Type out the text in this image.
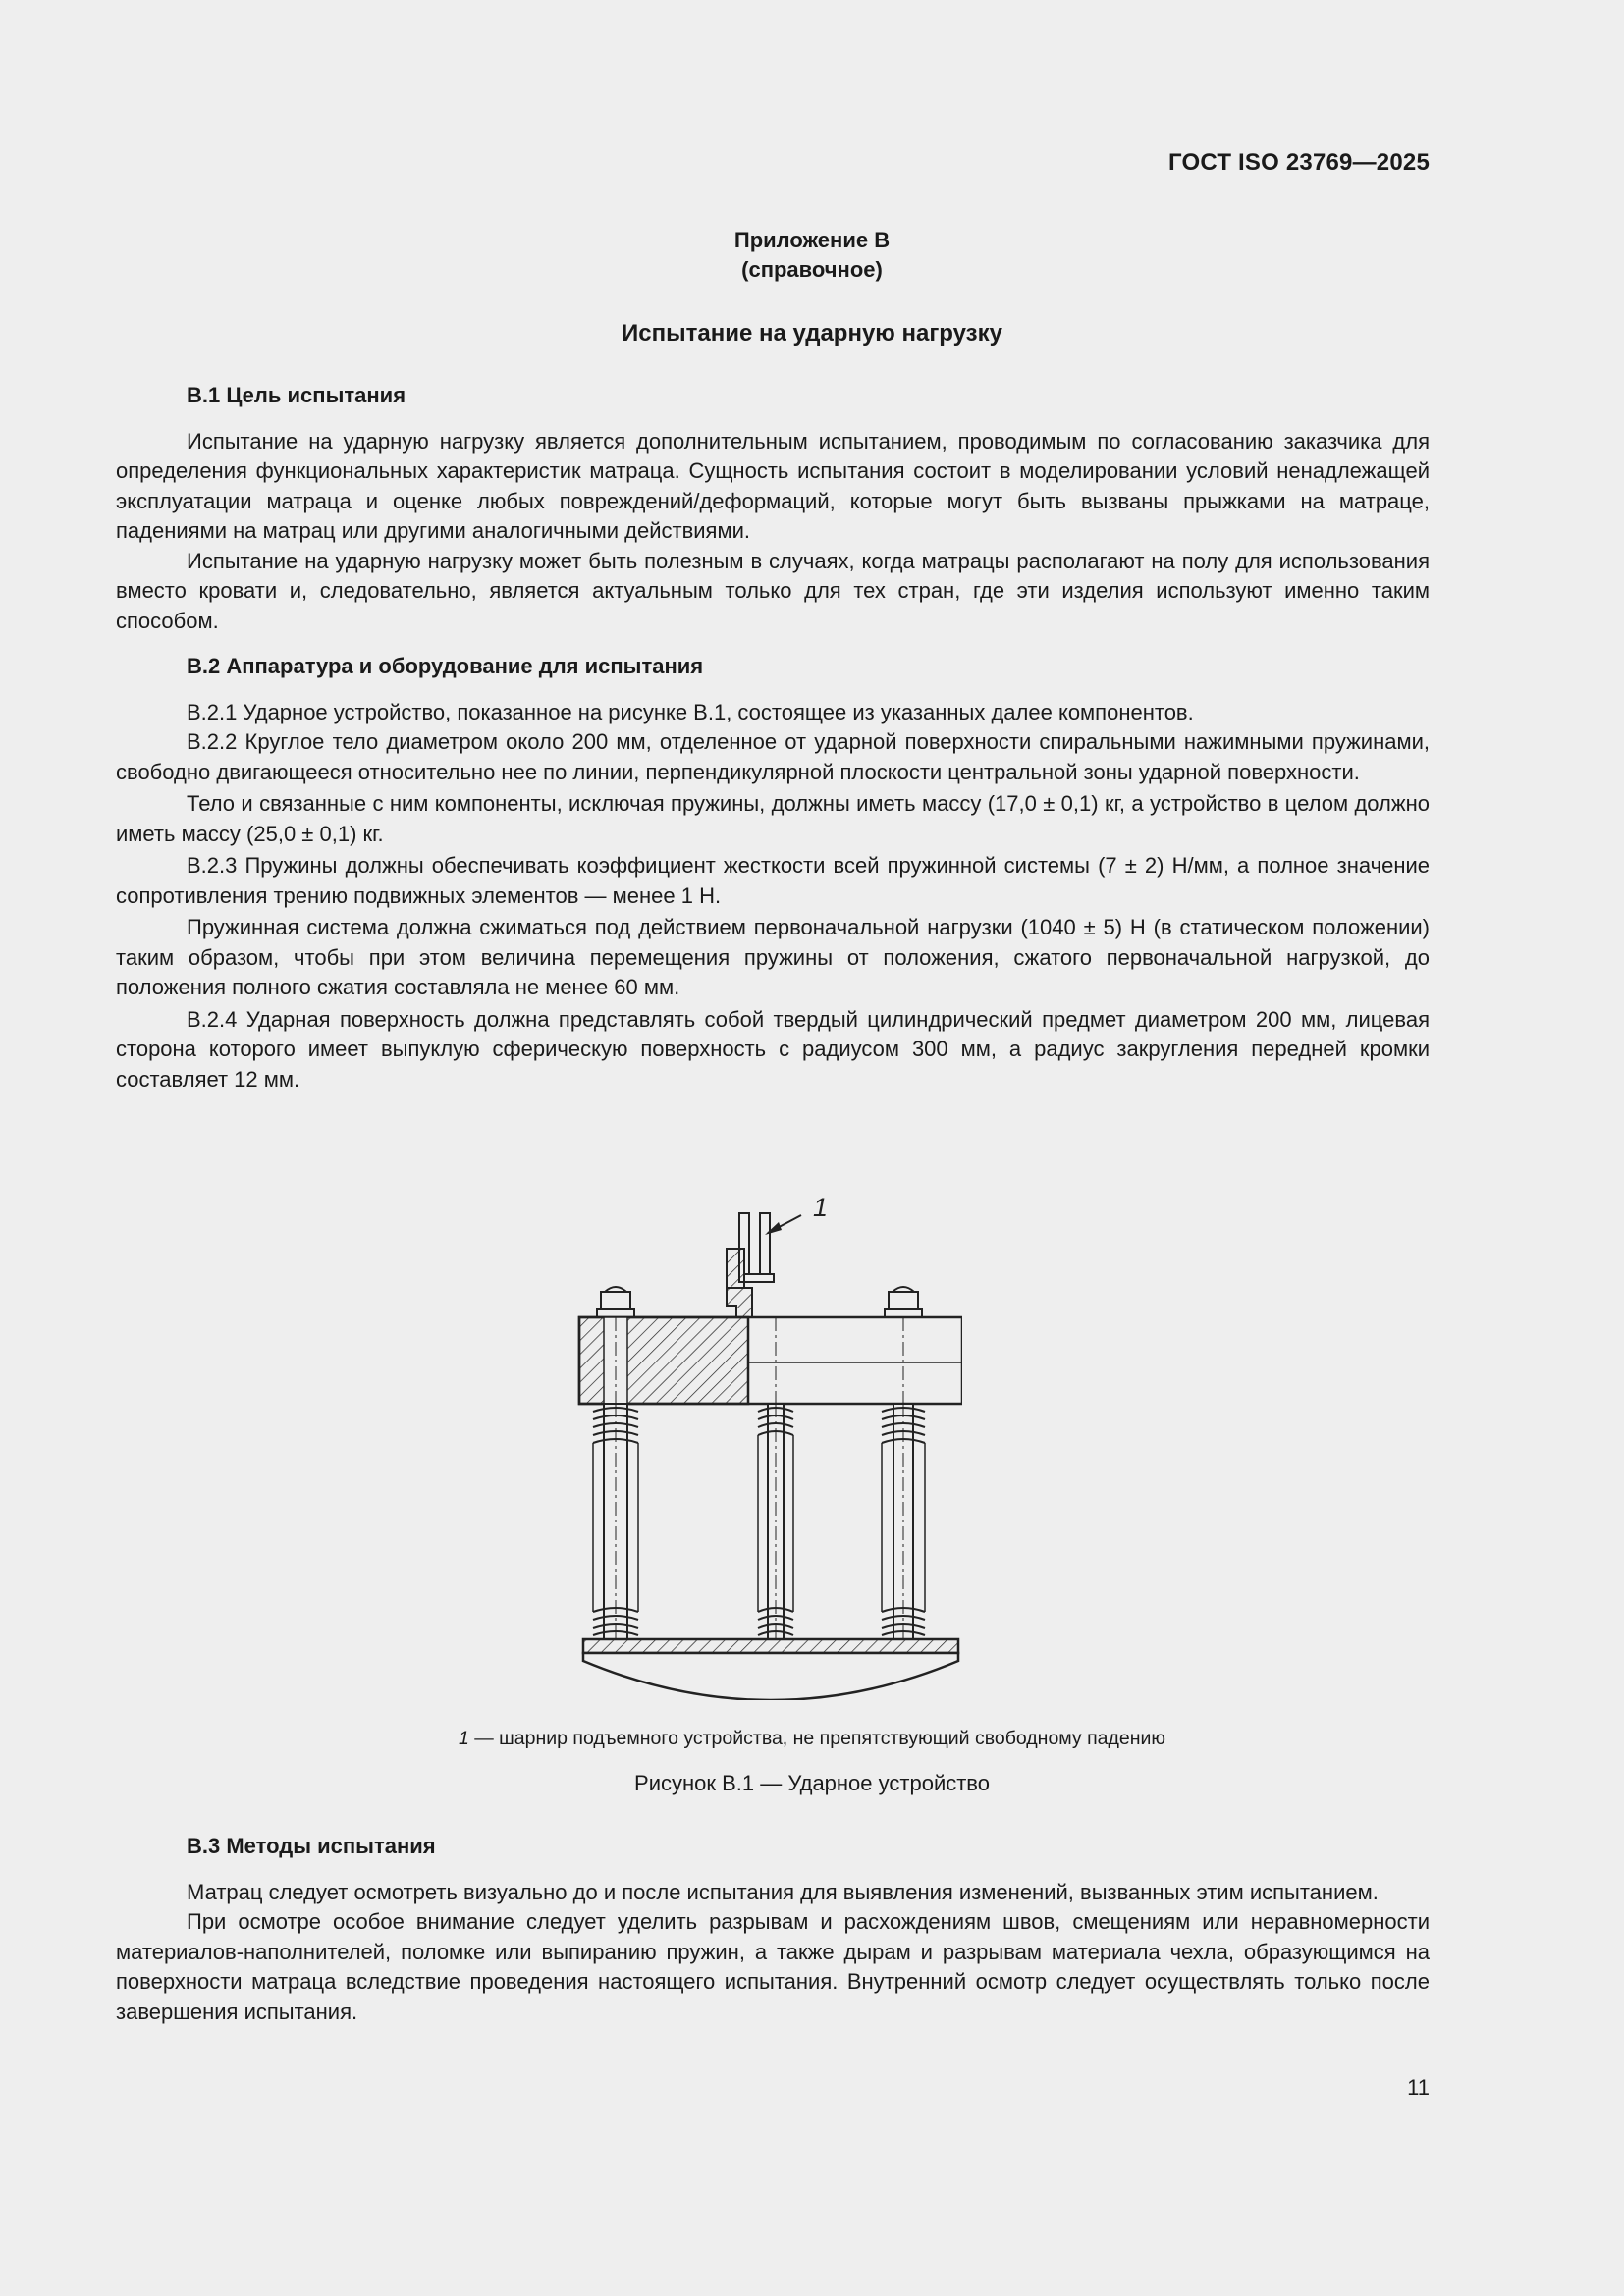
ГОСТ ISO 23769—2025
Приложение В
(справочное)
Испытание на ударную нагрузку

В.1 Цель испытания

Испытание на ударную нагрузку является дополнительным испытанием, проводимым по согласованию заказчика для определения функциональных характеристик матраца. Сущность испытания состоит в моделировании условий ненадлежащей эксплуатации матраца и оценке любых повреждений/деформаций, которые могут быть вызваны прыжками на матраце, падениями на матрац или другими аналогичными действиями.

Испытание на ударную нагрузку может быть полезным в случаях, когда матрацы располагают на полу для использования вместо кровати и, следовательно, является актуальным только для тех стран, где эти изделия используют именно таким способом.

В.2 Аппаратура и оборудование для испытания

В.2.1 Ударное устройство, показанное на рисунке В.1, состоящее из указанных далее компонентов.

В.2.2 Круглое тело диаметром около 200 мм, отделенное от ударной поверхности спиральными нажимными пружинами, свободно двигающееся относительно нее по линии, перпендикулярной плоскости центральной зоны ударной поверхности.

Тело и связанные с ним компоненты, исключая пружины, должны иметь массу (17,0 ± 0,1) кг, а устройство в целом должно иметь массу (25,0 ± 0,1) кг.

В.2.3 Пружины должны обеспечивать коэффициент жесткости всей пружинной системы (7 ± 2) Н/мм, а полное значение сопротивления трению подвижных элементов — менее 1 Н.

Пружинная система должна сжиматься под действием первоначальной нагрузки (1040 ± 5) Н (в статическом положении) таким образом, чтобы при этом величина перемещения пружины от положения, сжатого первоначальной нагрузкой, до положения полного сжатия составляла не менее 60 мм.

В.2.4 Ударная поверхность должна представлять собой твердый цилиндрический предмет диаметром 200 мм, лицевая сторона которого имеет выпуклую сферическую поверхность с радиусом 300 мм, а радиус закругления передней кромки составляет 12 мм.

1
1 — шарнир подъемного устройства, не препятствующий свободному падению
Рисунок В.1 — Ударное устройство

В.3 Методы испытания

Матрац следует осмотреть визуально до и после испытания для выявления изменений, вызванных этим испытанием.

При осмотре особое внимание следует уделить разрывам и расхождениям швов, смещениям или неравномерности материалов-наполнителей, поломке или выпиранию пружин, а также дырам и разрывам материала чехла, образующимся на поверхности матраца вследствие проведения настоящего испытания. Внутренний осмотр следует осуществлять только после завершения испытания.

11
